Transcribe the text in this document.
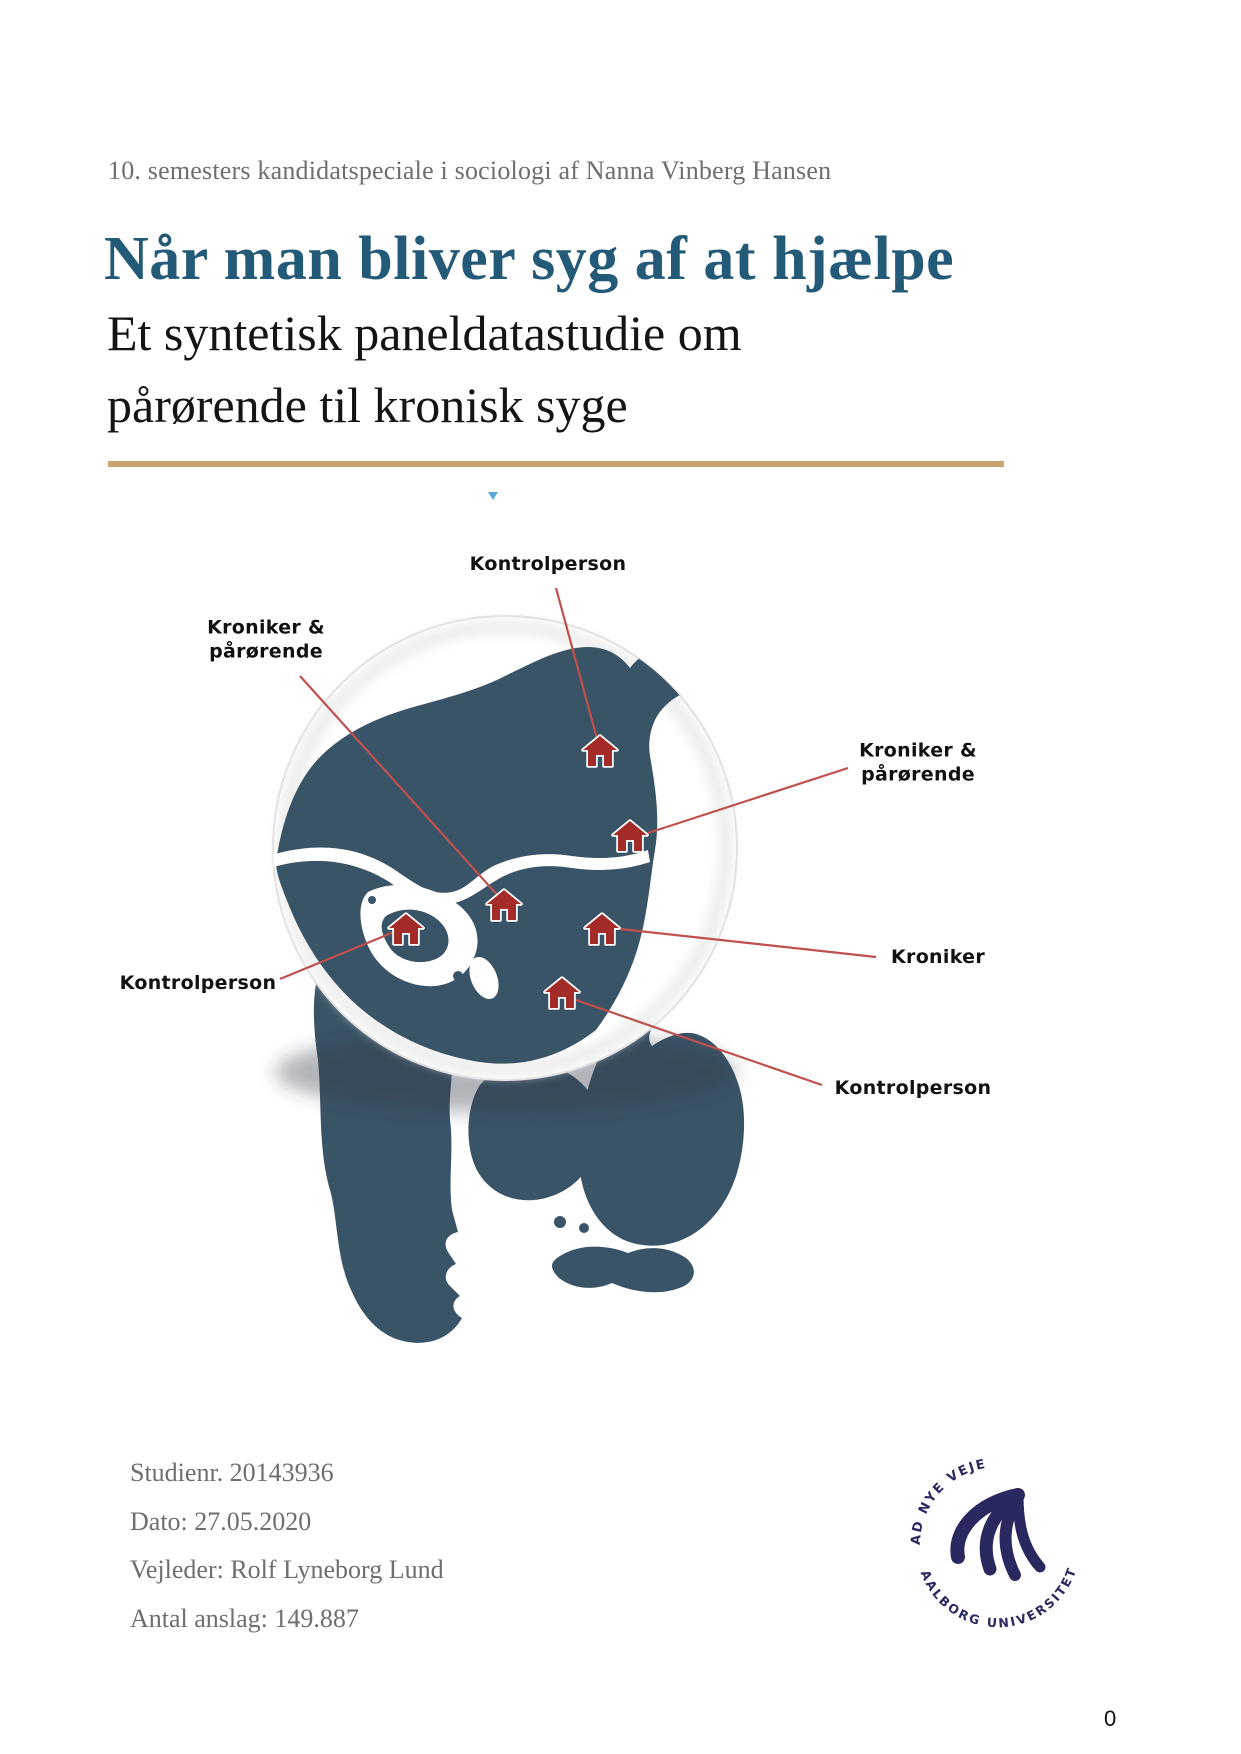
10. semesters kandidatspeciale i sociologi af Nanna Vinberg Hansen
Når man bliver syg af at hjælpe
Et syntetisk paneldatastudie om
pårørende til kronisk syge
Kontrolperson
Kroniker &
pårørende
Kroniker &
pårørende
Kroniker
Kontrolperson
Kontrolperson
Studienr. 20143936
Dato: 27.05.2020
Vejleder: Rolf Lyneborg Lund
Antal anslag: 149.887
AD NYE VEJE
AALBORG UNIVERSITET
0
